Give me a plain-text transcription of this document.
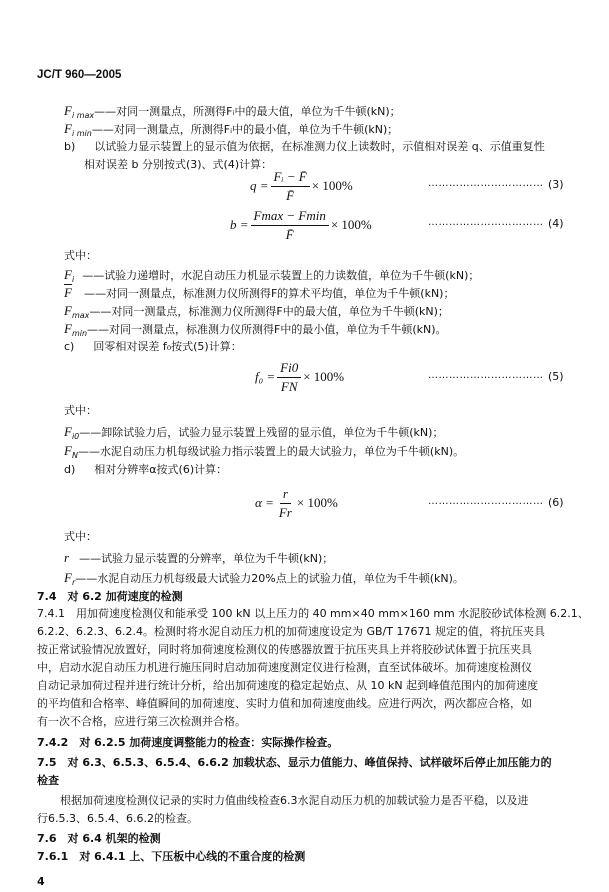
JC/T 960—2005
$F_{i max}——$对同一测量点，所测得Fᵢ中的最大值，单位为千牛顿(kN)；
$F_{i min}——$对同一测量点，所测得Fᵢ中的最小值，单位为千牛顿(kN)；
b) 以试验力显示装置上的显示值为依据，在标准测力仪上读数时，示值相对误差 q、示值重复性
相对误差 b 分别按式(3)、式(4)计算：
$q = \frac{\text{Fᵢ − F̄}}{F̄} \times 100\%$	…………………………… (3)
$b = \frac{Fmax - Fmin}{F̄} \times 100\%$	…………………………… (4)
式中：
$F_i$ ——试验力递增时，水泥自动压力机显示装置上的力读数值，单位为千牛顿(kN)；
$\overline{F}$ ——对同一测量点，标准测力仪所测得F的算术平均值，单位为千牛顿(kN)；
$F_{max}——$对同一测量点，标准测力仪所测得F中的最大值，单位为千牛顿(kN)；
$F_{min}——$对同一测量点，标准测力仪所测得F中的最小值，单位为千牛顿(kN)。
c) 回零相对误差 f₀按式(5)计算：
$f_0 = \frac{Fi0}{FN} \times 100\%$	…………………………… (5)
式中：
$F_{i0}——$卸除试验力后，试验力显示装置上残留的显示值，单位为千牛顿(kN)；
$F_N——$水泥自动压力机每级试验力指示装置上的最大试验力，单位为千牛顿(kN)。
d) 相对分辨率α按式(6)计算：
$\alpha = \frac{r}{Fr} \times 100\%$	…………………………… (6)
式中：
r ——试验力显示装置的分辨率，单位为千牛顿(kN)；
$F_r——$水泥自动压力机每级最大试验力20%点上的试验力值，单位为千牛顿(kN)。
7.4　对 6.2 加荷速度的检测
7.4.1　用加荷速度检测仪和能承受 100 kN 以上压力的 40 mm×40 mm×160 mm 水泥胶砂试体检测 6.2.1、
6.2.2、6.2.3、6.2.4。检测时将水泥自动压力机的加荷速度设定为 GB/T 17671 规定的值，将抗压夹具
按正常试验情况放置好，同时将加荷速度检测仪的传感器放置于抗压夹具上并将胶砂试体置于抗压夹具
中，启动水泥自动压力机进行施压同时启动加荷速度测定仪进行检测，直至试体破坏。加荷速度检测仪
自动记录加荷过程并进行统计分析，给出加荷速度的稳定起始点、从 10 kN 起到峰值范围内的加荷速度
的平均值和合格率、峰值瞬间的加荷速度、实时力值和加荷速度曲线。应进行两次，两次都应合格，如
有一次不合格，应进行第三次检测并合格。
7.4.2　对 6.2.5 加荷速度调整能力的检查：实际操作检查。
7.5　对 6.3、6.5.3、6.5.4、6.6.2 加载状态、显示力值能力、峰值保持、试样破坏后停止加压能力的
检查
根据加荷速度检测仪记录的实时力值曲线检查6.3水泥自动压力机的加载试验力是否平稳，以及进
行6.5.3、6.5.4、6.6.2的检查。
7.6　对 6.4 机架的检测
7.6.1　对 6.4.1 上、下压板中心线的不重合度的检测
4
